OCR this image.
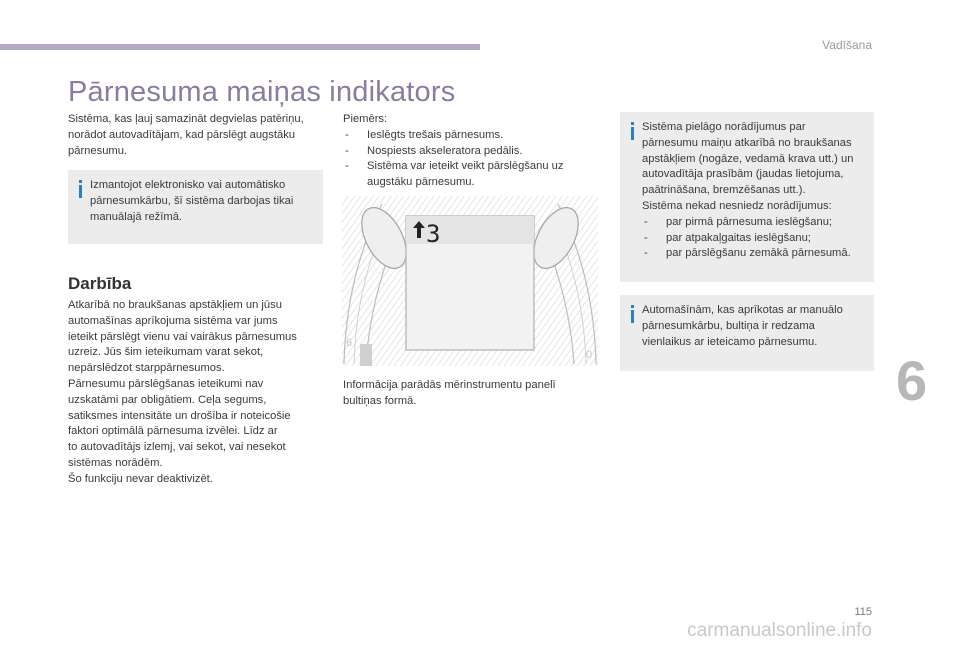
Vadīšana
Pārnesuma maiņas indikators

Sistēma, kas ļauj samazināt degvielas patēriņu,

norādot autovadītājam, kad pārslēgt augstāku

pārnesumu.

Izmantojot elektronisko vai automātisko

pārnesumkārbu, šī sistēma darbojas tikai

manuālajā režīmā.

Darbība

Atkarībā no braukšanas apstākļiem un jūsu

automašīnas aprīkojuma sistēma var jums

ieteikt pārslēgt vienu vai vairākus pārnesumus

uzreiz. Jūs šim ieteikumam varat sekot,

nepārslēdzot starppārnesumos.

Pārnesumu pārslēgšanas ieteikumi nav

uzskatāmi par obligātiem. Ceļa segums,

satiksmes intensitāte un drošība ir noteicošie

faktori optimālā pārnesuma izvēlei. Līdz ar

to autovadītājs izlemj, vai sekot, vai nesekot

sistēmas norādēm.

Šo funkciju nevar deaktivizēt.

Piemērs:

- Ieslēgts trešais pārnesums.
- Nospiests akseleratora pedālis.
- Sistēma var ieteikt veikt pārslēgšanu uz
augstāku pārnesumu.
6
0
3

Informācija parādās mērinstrumentu panelī

bultiņas formā.

Sistēma pielāgo norādījumus par

pārnesumu maiņu atkarībā no braukšanas

apstākļiem (nogāze, vedamā krava utt.) un

autovadītāja prasībām (jaudas lietojuma,

paātrināšana, bremzēšanas utt.).

Sistēma nekad nesniedz norādījumus:

- par pirmā pārnesuma ieslēgšanu;
- par atpakaļgaitas ieslēgšanu;
- par pārslēgšanu zemākā pārnesumā.

Automašīnām, kas aprīkotas ar manuālo

pārnesumkārbu, bultiņa ir redzama

vienlaikus ar ieteicamo pārnesumu.

6
115
carmanualsonline.info
